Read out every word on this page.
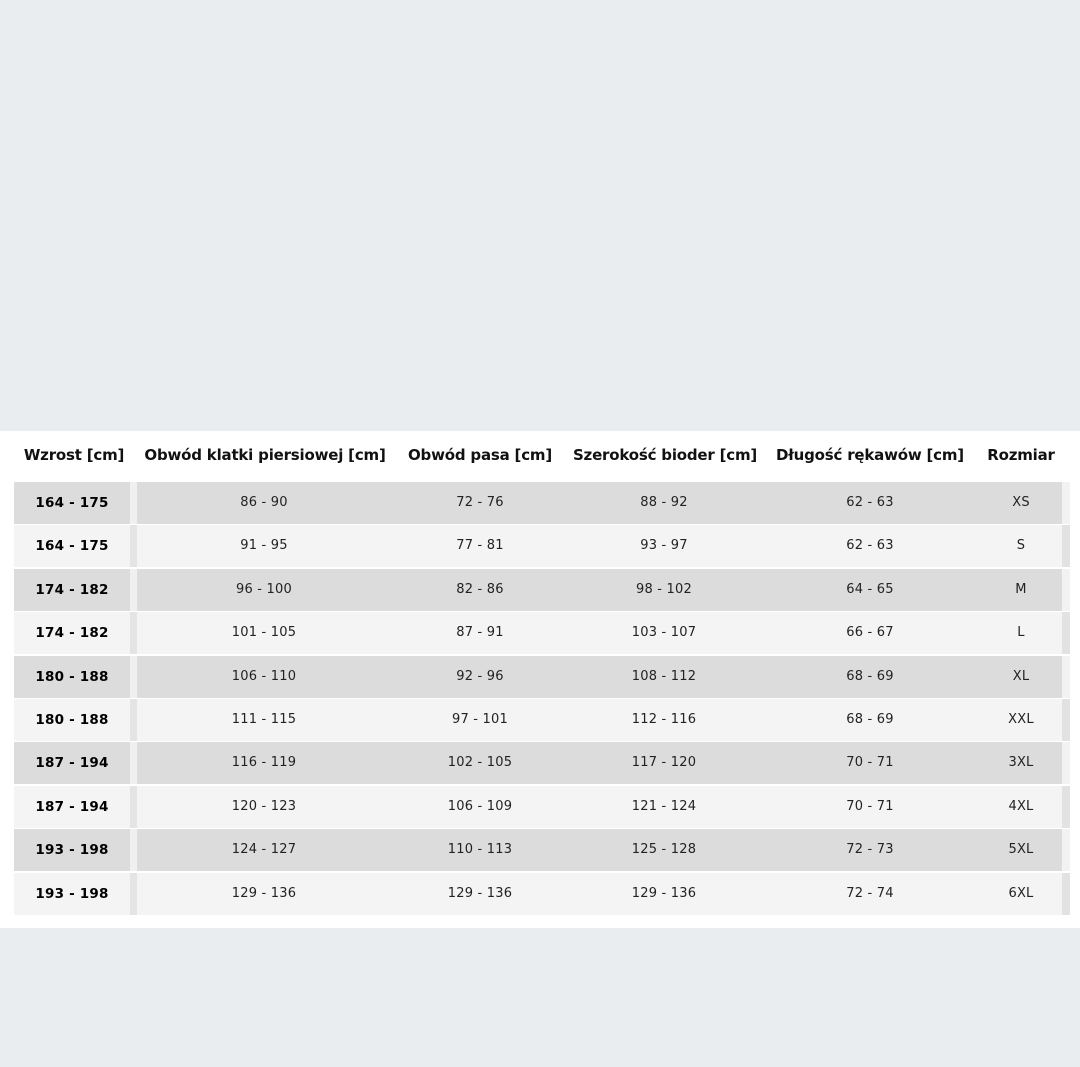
Wzrost [cm]	Obwód klatki piersiowej [cm]	Obwód pasa [cm]	Szerokość bioder [cm]	Długość rękawów [cm]	Rozmiar
164 - 175	86 - 90	72 - 76	88 - 92	62 - 63	XS
164 - 175	91 - 95	77 - 81	93 - 97	62 - 63	S
174 - 182	96 - 100	82 - 86	98 - 102	64 - 65	M
174 - 182	101 - 105	87 - 91	103 - 107	66 - 67	L
180 - 188	106 - 110	92 - 96	108 - 112	68 - 69	XL
180 - 188	111 - 115	97 - 101	112 - 116	68 - 69	XXL
187 - 194	116 - 119	102 - 105	117 - 120	70 - 71	3XL
187 - 194	120 - 123	106 - 109	121 - 124	70 - 71	4XL
193 - 198	124 - 127	110 - 113	125 - 128	72 - 73	5XL
193 - 198	129 - 136	129 - 136	129 - 136	72 - 74	6XL
